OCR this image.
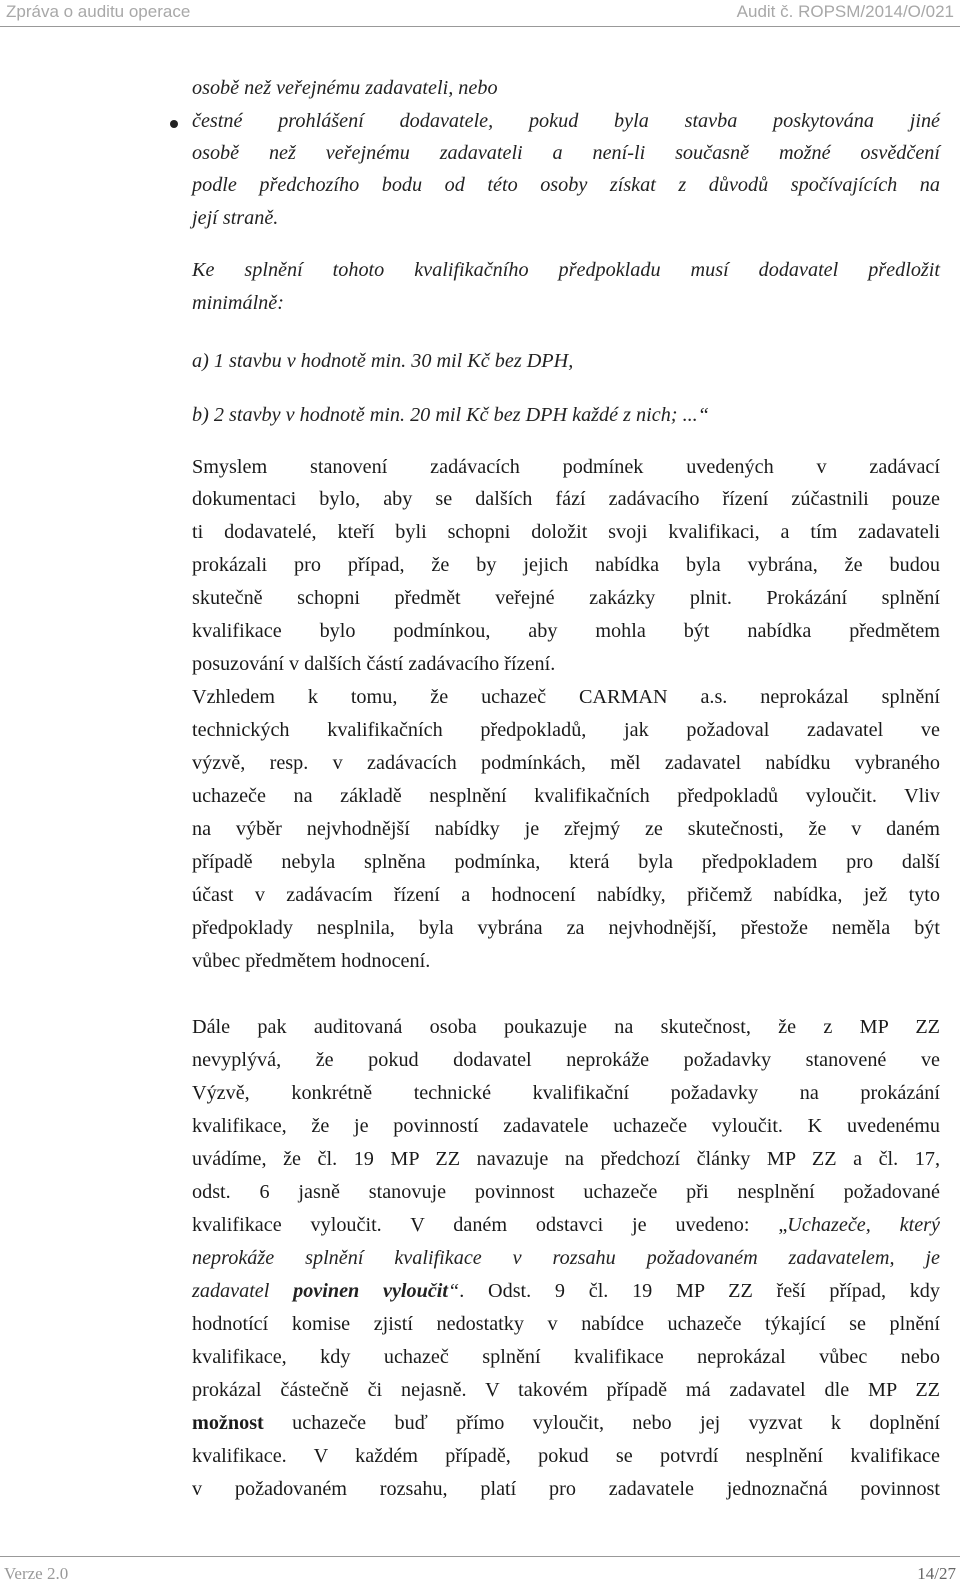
Zpráva o auditu operace	Audit č. ROPSM/2014/O/021
osobě než veřejnému zadavateli, nebo
čestné prohlášení dodavatele, pokud byla stavba poskytována jiné
osobě než veřejnému zadavateli a není-li současně možné osvědčení
podle předchozího bodu od této osoby získat z důvodů spočívajících na
její straně.
Ke splnění tohoto kvalifikačního předpokladu musí dodavatel předložit
minimálně:
a) 1 stavbu v hodnotě min. 30 mil Kč bez DPH,
b) 2 stavby v hodnotě min. 20 mil Kč bez DPH každé z nich; ...“
Smyslem stanovení zadávacích podmínek uvedených v zadávací
dokumentaci bylo, aby se dalších fází zadávacího řízení zúčastnili pouze
ti dodavatelé, kteří byli schopni doložit svoji kvalifikaci, a tím zadavateli
prokázali pro případ, že by jejich nabídka byla vybrána, že budou
skutečně schopni předmět veřejné zakázky plnit. Prokázání splnění
kvalifikace bylo podmínkou, aby mohla být nabídka předmětem
posuzování v dalších částí zadávacího řízení.
Vzhledem k tomu, že uchazeč CARMAN a.s. neprokázal splnění
technických kvalifikačních předpokladů, jak požadoval zadavatel ve
výzvě, resp. v zadávacích podmínkách, měl zadavatel nabídku vybraného
uchazeče na základě nesplnění kvalifikačních předpokladů vyloučit. Vliv
na výběr nejvhodnější nabídky je zřejmý ze skutečnosti, že v daném
případě nebyla splněna podmínka, která byla předpokladem pro další
účast v zadávacím řízení a hodnocení nabídky, přičemž nabídka, jež tyto
předpoklady nesplnila, byla vybrána za nejvhodnější, přestože neměla být
vůbec předmětem hodnocení.
Dále pak auditovaná osoba poukazuje na skutečnost, že z MP ZZ
nevyplývá, že pokud dodavatel neprokáže požadavky stanovené ve
Výzvě, konkrétně technické kvalifikační požadavky na prokázání
kvalifikace, že je povinností zadavatele uchazeče vyloučit. K uvedenému
uvádíme, že čl. 19 MP ZZ navazuje na předchozí články MP ZZ a čl. 17,
odst. 6 jasně stanovuje povinnost uchazeče při nesplnění požadované
kvalifikace vyloučit. V daném odstavci je uvedeno: „Uchazeče, který
neprokáže splnění kvalifikace v rozsahu požadovaném zadavatelem, je
zadavatel povinen vyloučit“. Odst. 9 čl. 19 MP ZZ řeší případ, kdy
hodnotící komise zjistí nedostatky v nabídce uchazeče týkající se plnění
kvalifikace, kdy uchazeč splnění kvalifikace neprokázal vůbec nebo
prokázal částečně či nejasně. V takovém případě má zadavatel dle MP ZZ
možnost uchazeče buď přímo vyloučit, nebo jej vyzvat k doplnění
kvalifikace. V každém případě, pokud se potvrdí nesplnění kvalifikace
v požadovaném rozsahu, platí pro zadavatele jednoznačná povinnost
Verze 2.0	14/27
